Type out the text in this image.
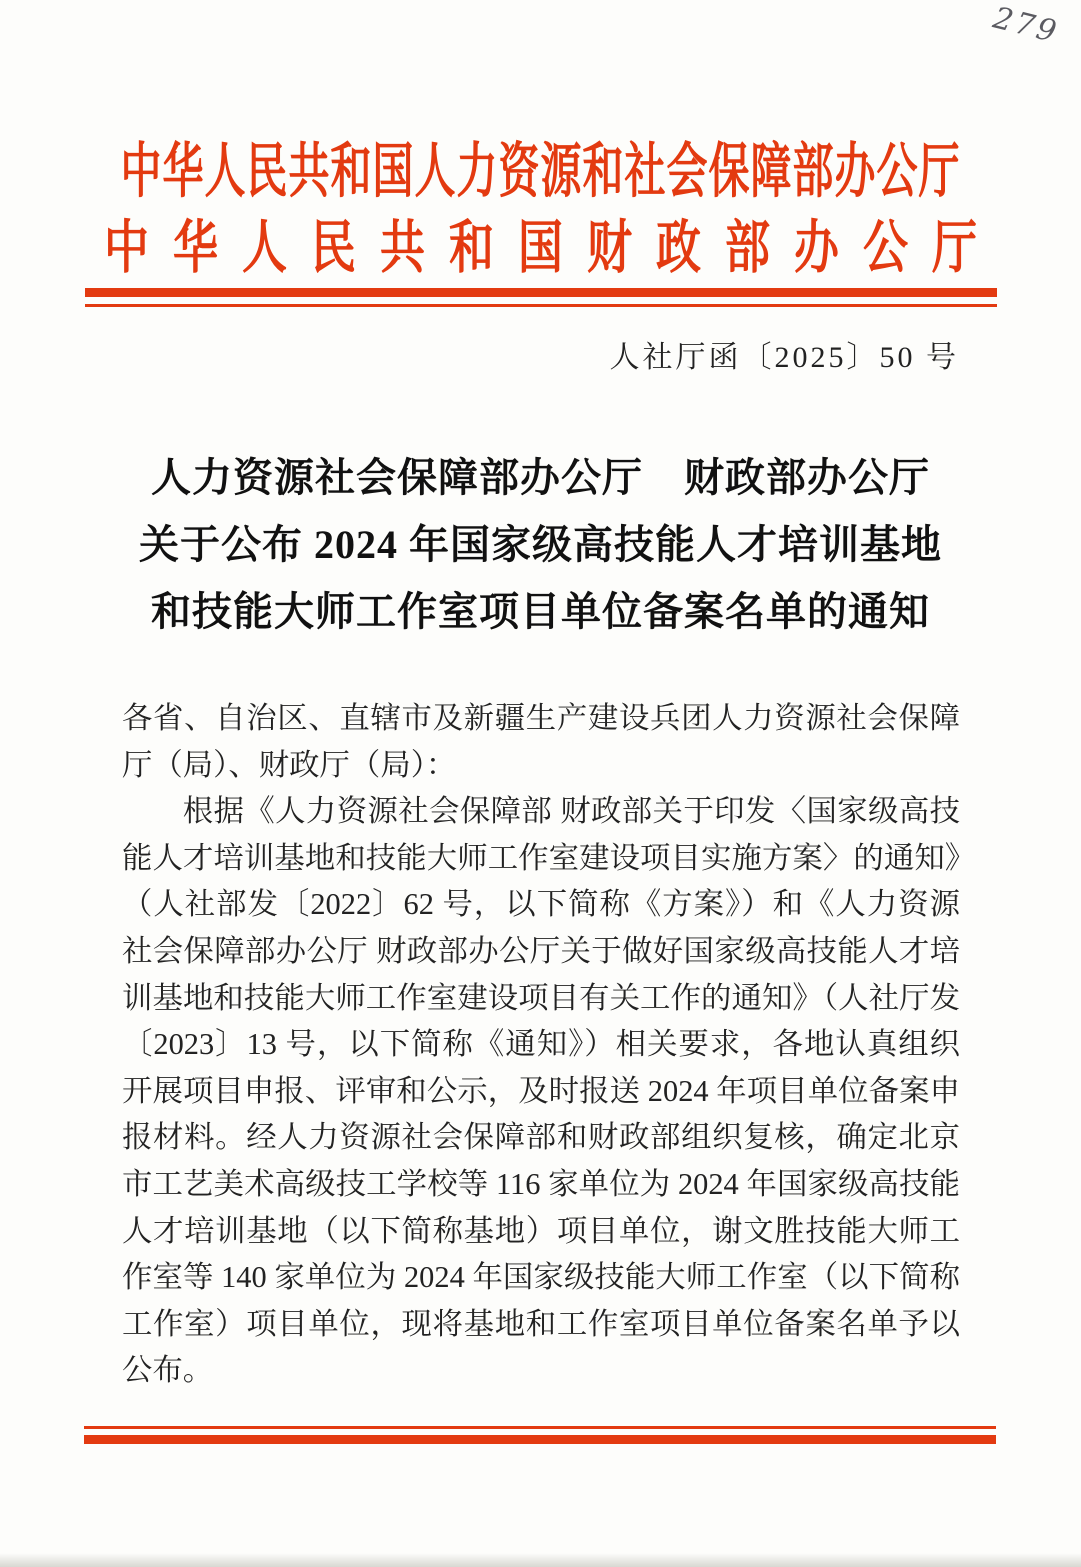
279
中华人民共和国人力资源和社会保障部办公厅
中华人民共和国财政部办公厅
人社厅函〔2025〕50 号
人力资源社会保障部办公厅　财政部办公厅
关于公布 2024 年国家级高技能人才培训基地
和技能大师工作室项目单位备案名单的通知

各省、自治区、直辖市及新疆生产建设兵团人力资源社会保障厅（局）、财政厅（局）：

根据《人力资源社会保障部 财政部关于印发〈国家级高技能人才培训基地和技能大师工作室建设项目实施方案〉的通知》（人社部发〔2022〕62 号，以下简称《方案》）和《人力资源社会保障部办公厅 财政部办公厅关于做好国家级高技能人才培训基地和技能大师工作室建设项目有关工作的通知》（人社厅发〔2023〕13 号，以下简称《通知》）相关要求，各地认真组织开展项目申报、评审和公示，及时报送 2024 年项目单位备案申报材料。经人力资源社会保障部和财政部组织复核，确定北京市工艺美术高级技工学校等 116 家单位为 2024 年国家级高技能人才培训基地（以下简称基地）项目单位，谢文胜技能大师工作室等 140 家单位为 2024 年国家级技能大师工作室（以下简称工作室）项目单位，现将基地和工作室项目单位备案名单予以公布。
